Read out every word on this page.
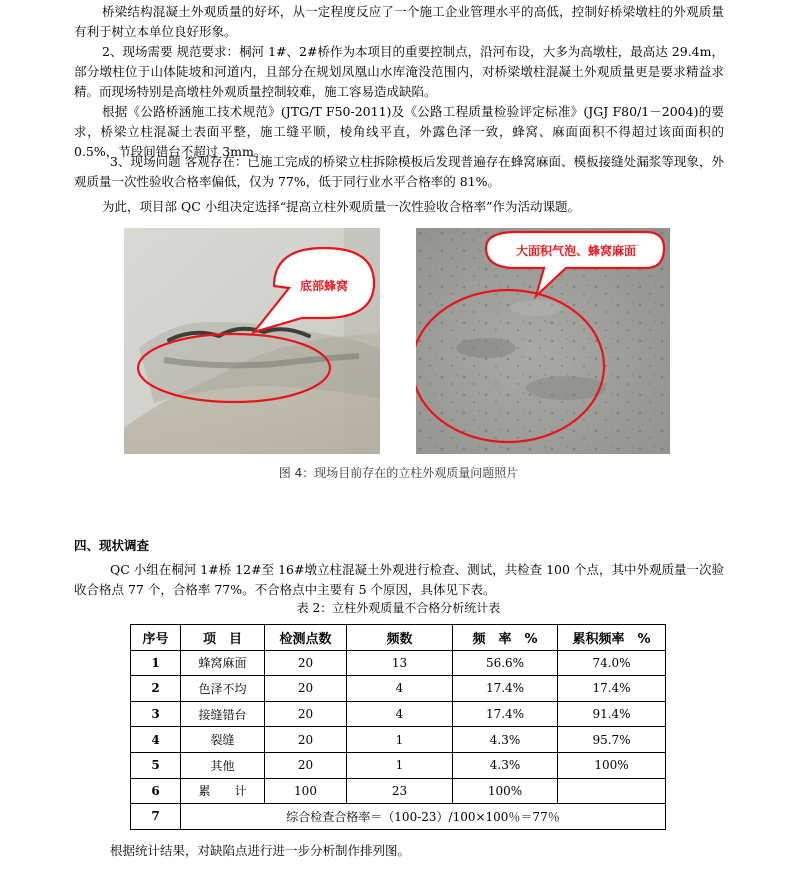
桥梁结构混凝土外观质量的好坏，从一定程度反应了一个施工企业管理水平的高低，控制好桥梁墩柱的外观质量有利于树立本单位良好形象。

2、现场需要 规范要求：桐河 1#、2#桥作为本项目的重要控制点，沿河布设，大多为高墩柱，最高达 29.4m，部分墩柱位于山体陡坡和河道内，且部分在规划凤凰山水库淹没范围内，对桥梁墩柱混凝土外观质量更是要求精益求精。而现场特别是高墩柱外观质量控制较难，施工容易造成缺陷。

根据《公路桥涵施工技术规范》(JTG/T F50-2011)及《公路工程质量检验评定标准》(JGJ F80/1－2004)的要求，桥梁立柱混凝土表面平整，施工缝平顺，棱角线平直，外露色泽一致，蜂窝、麻面面积不得超过该面面积的 0.5%，节段间错台不超过 3mm。

3、现场问题 客观存在：已施工完成的桥梁立柱拆除模板后发现普遍存在蜂窝麻面、模板接缝处漏浆等现象，外观质量一次性验收合格率偏低，仅为 77%，低于同行业水平合格率的 81%。

为此，项目部 QC 小组决定选择“提高立柱外观质量一次性验收合格率”作为活动课题。

底部蜂窝
大面积气泡、蜂窝麻面
图 4：现场目前存在的立柱外观质量问题照片
四、现状调查

QC 小组在桐河 1#桥 12#至 16#墩立柱混凝土外观进行检查、测试，共检查 100 个点，其中外观质量一次验收合格点 77 个，合格率 77%。不合格点中主要有 5 个原因，具体见下表。

表 2：立柱外观质量不合格分析统计表
序号	项　目	检测点数	频数	频　率　%	累积频率　%
1	蜂窝麻面	20	13	56.6%	74.0%
2	色泽不均	20	4	17.4%	17.4%
3	接缝错台	20	4	17.4%	91.4%
4	裂缝	20	1	4.3%	95.7%
5	其他	20	1	4.3%	100%
6	累　　计	100	23	100%	
7	综合检查合格率＝（100-23）/100×100％＝77％				
根据统计结果，对缺陷点进行进一步分析制作排列图。
